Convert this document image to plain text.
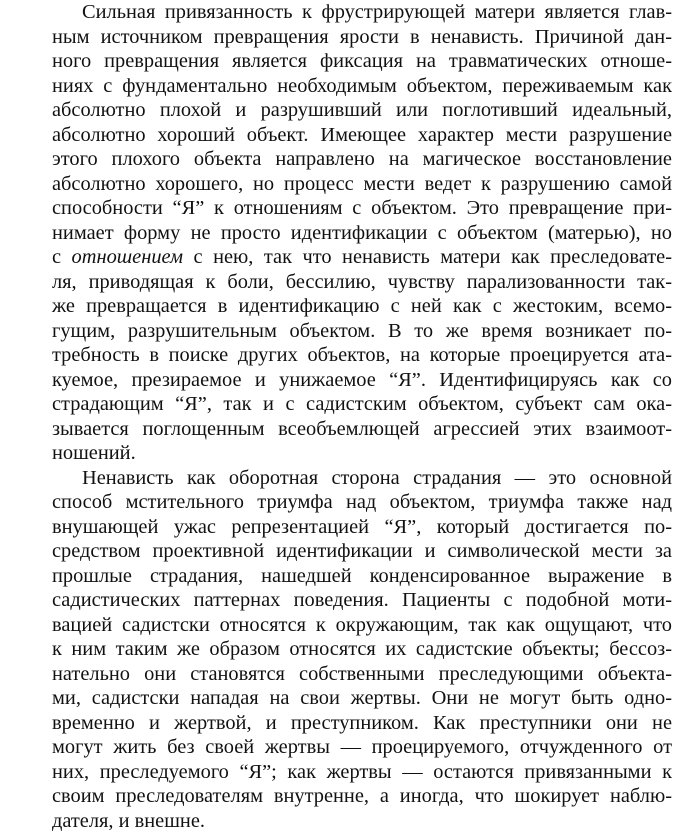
Сильная привязанность к фрустрирующей матери является глав-
ным источником превращения ярости в ненависть. Причиной дан-
ного превращения является фиксация на травматических отноше-
ниях с фундаментально необходимым объектом, переживаемым как
абсолютно плохой и разрушивший или поглотивший идеальный,
абсолютно хороший объект. Имеющее характер мести разрушение
этого плохого объекта направлено на магическое восстановление
абсолютно хорошего, но процесс мести ведет к разрушению самой
способности “Я” к отношениям с объектом. Это превращение при-
нимает форму не просто идентификации с объектом (матерью), но
с отношением с нею, так что ненависть матери как преследовате-
ля, приводящая к боли, бессилию, чувству парализованности так-
же превращается в идентификацию с ней как с жестоким, всемо-
гущим, разрушительным объектом. В то же время возникает по-
требность в поиске других объектов, на которые проецируется ата-
куемое, презираемое и унижаемое “Я”. Идентифицируясь как со
страдающим “Я”, так и с садистским объектом, субъект сам ока-
зывается поглощенным всеобъемлющей агрессией этих взаимоот-
ношений.
Ненависть как оборотная сторона страдания — это основной
способ мстительного триумфа над объектом, триумфа также над
внушающей ужас репрезентацией “Я”, который достигается по-
средством проективной идентификации и символической мести за
прошлые страдания, нашедшей конденсированное выражение в
садистических паттернах поведения. Пациенты с подобной моти-
вацией садистски относятся к окружающим, так как ощущают, что
к ним таким же образом относятся их садистские объекты; бессоз-
нательно они становятся собственными преследующими объекта-
ми, садистски нападая на свои жертвы. Они не могут быть одно-
временно и жертвой, и преступником. Как преступники они не
могут жить без своей жертвы — проецируемого, отчужденного от
них, преследуемого “Я”; как жертвы — остаются привязанными к
своим преследователям внутренне, а иногда, что шокирует наблю-
дателя, и внешне.
